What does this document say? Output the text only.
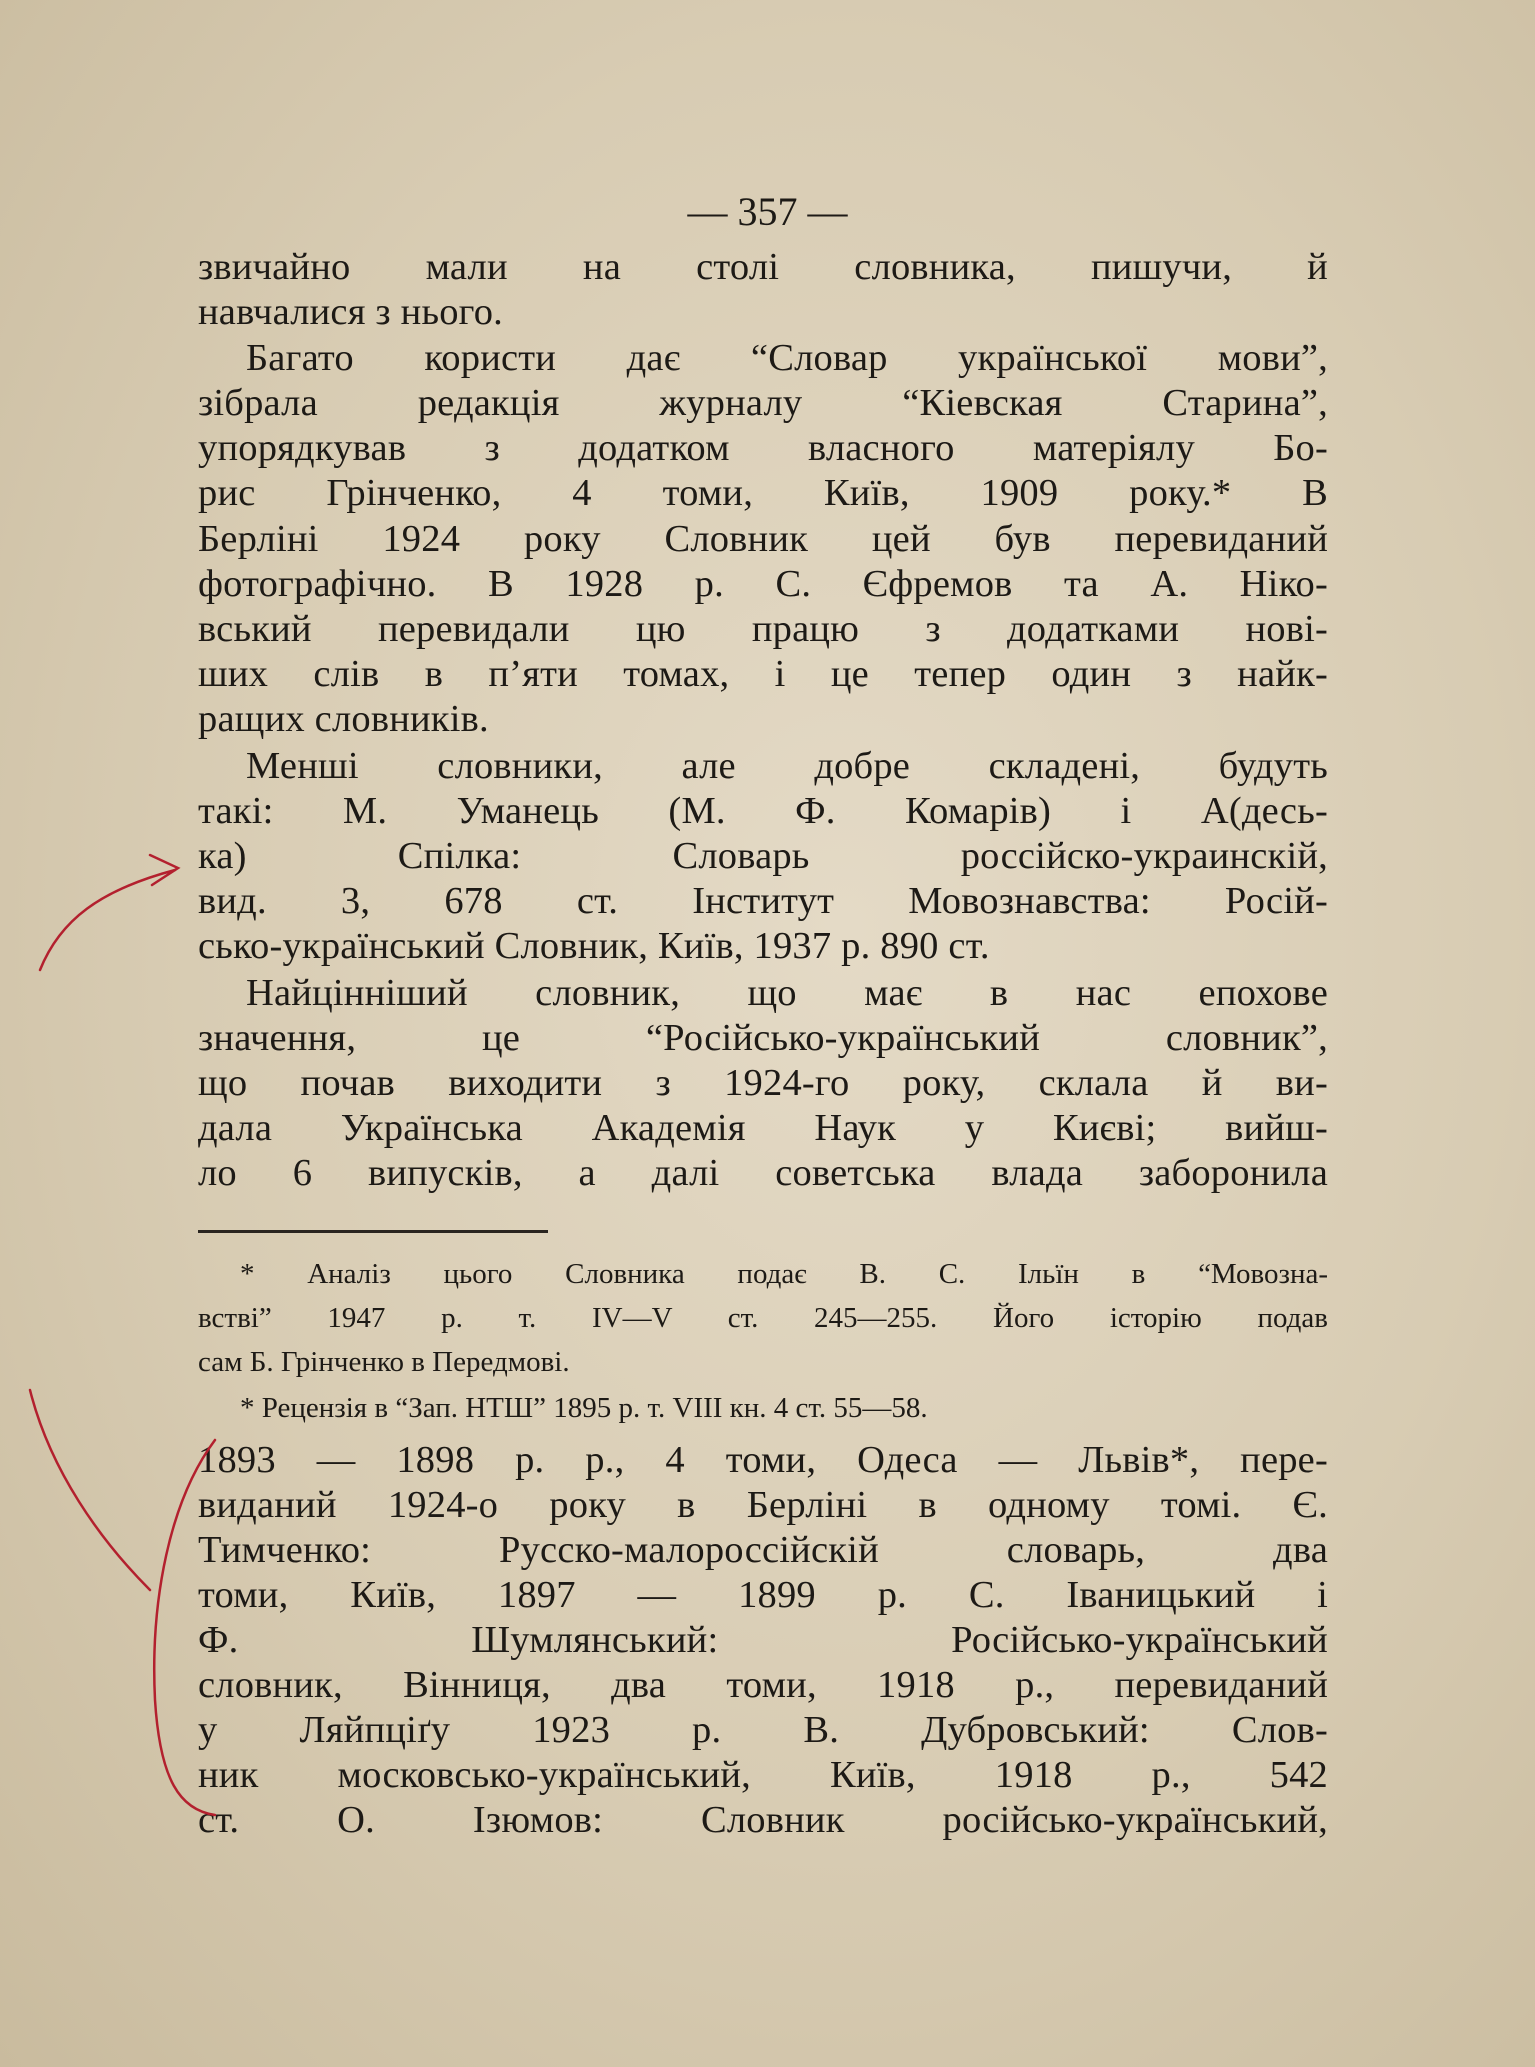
— 357 —
звичайно мали на столі словника, пишучи, й
навчалися з нього.
Багато користи дає “Словар української мови”,
зібрала редакція журналу “Кіевская Старина”,
упорядкував з додатком власного матеріялу Бо-
рис Грінченко, 4 томи, Київ, 1909 року.* В
Берліні 1924 року Словник цей був перевиданий
фотографічно. В 1928 р. С. Єфремов та А. Ніко-
вський перевидали цю працю з додатками нові-
ших слів в п’яти томах, і це тепер один з найк-
ращих словників.
Менші словники, але добре складені, будуть
такі: М. Уманець (М. Ф. Комарів) і А(десь-
ка) Спілка: Словарь россійско-украинскій,
вид. 3, 678 ст. Інститут Мовознавства: Росій-
сько-український Словник, Київ, 1937 р. 890 ст.
Найцінніший словник, що має в нас епохове
значення, це “Російсько-український словник”,
що почав виходити з 1924-го року, склала й ви-
дала Українська Академія Наук у Києві; вийш-
ло 6 випусків, а далі советська влада заборонила
* Аналіз цього Словника подає В. С. Ільїн в “Мовозна-
встві” 1947 р. т. IV—V ст. 245—255. Його історію подав
сам Б. Грінченко в Передмові.
* Рецензія в “Зап. НТШ” 1895 р. т. VIII кн. 4 ст. 55—58.
1893 — 1898 р. р., 4 томи, Одеса — Львів*, пере-
виданий 1924-о року в Берліні в одному томі. Є.
Тимченко: Русско-малороссійскій словарь, два
томи, Київ, 1897 — 1899 р. С. Іваницький і
Ф. Шумлянський: Російсько-український
словник, Вінниця, два томи, 1918 р., перевиданий
у Ляйпціґу 1923 р. В. Дубровський: Слов-
ник московсько-український, Київ, 1918 р., 542
ст. О. Ізюмов: Словник російсько-український,
